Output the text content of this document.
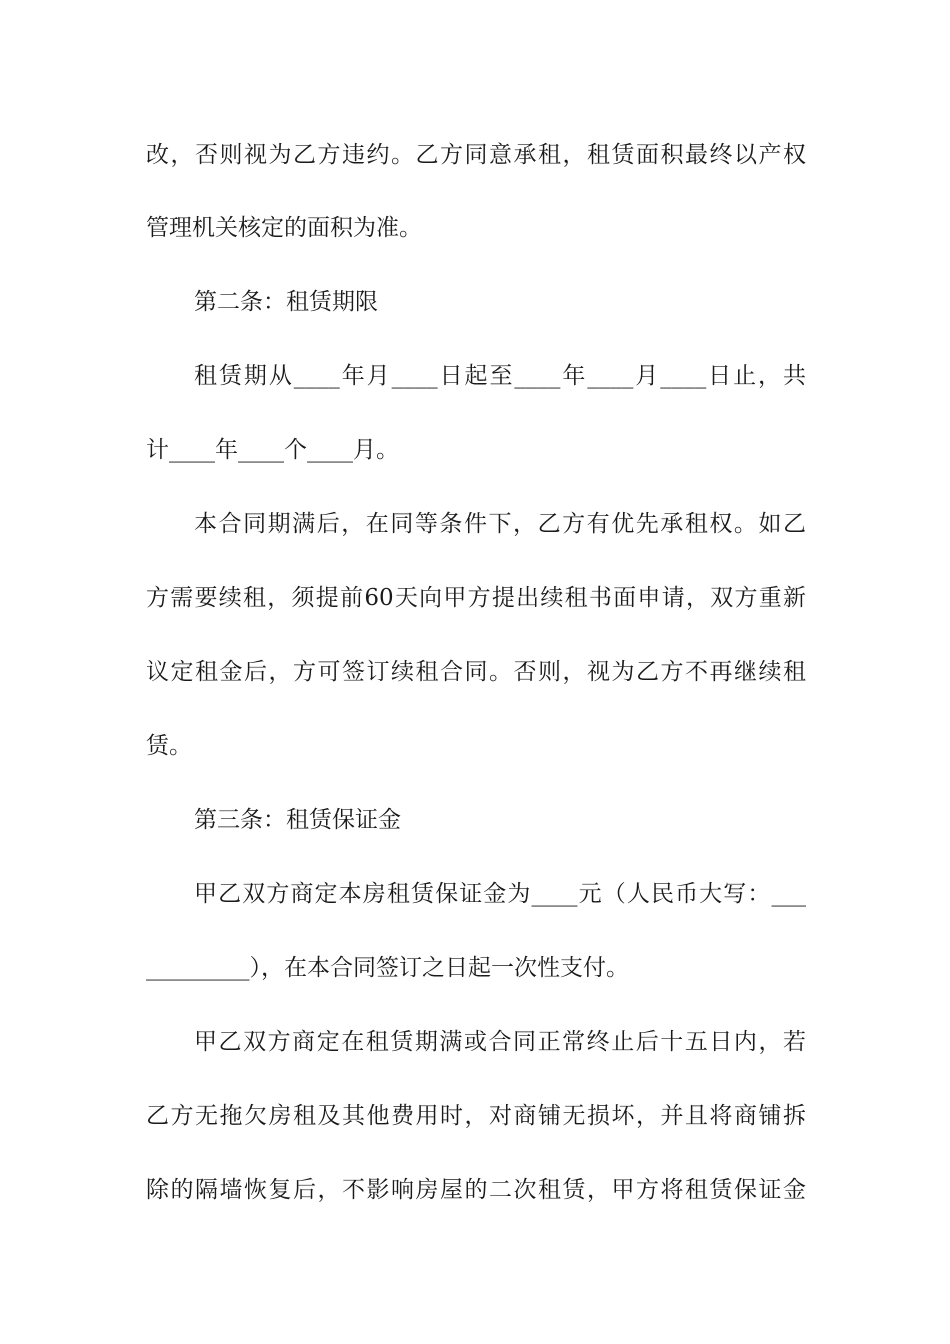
改，否则视为乙方违约。乙方同意承租，租赁面积最终以产权
管理机关核定的面积为准。
第二条：租赁期限
租赁期从____年月____日起至____年____月____日止，共
计____年____个____月。
本合同期满后，在同等条件下，乙方有优先承租权。如乙
方需要续租，须提前60天向甲方提出续租书面申请，双方重新
议定租金后，方可签订续租合同。否则，视为乙方不再继续租
赁。
第三条：租赁保证金
甲乙双方商定本房租赁保证金为____元（人民币大写：___
_________），在本合同签订之日起一次性支付。
甲乙双方商定在租赁期满或合同正常终止后十五日内，若
乙方无拖欠房租及其他费用时，对商铺无损坏，并且将商铺拆
除的隔墙恢复后，不影响房屋的二次租赁，甲方将租赁保证金
